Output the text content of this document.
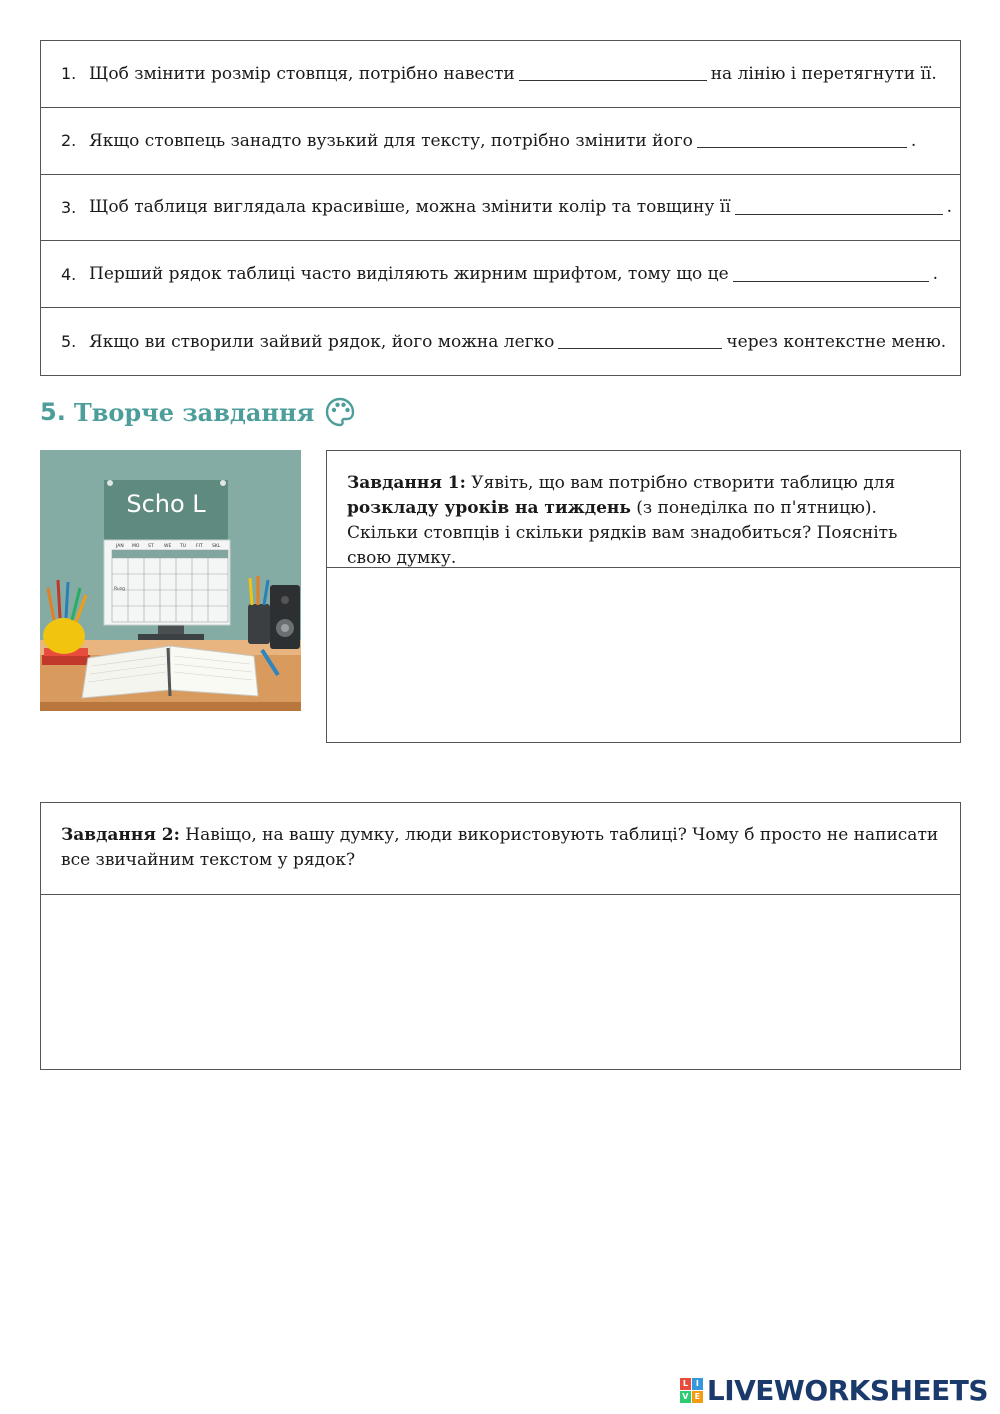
1. Щоб змінити розмір стовпця, потрібно навести	на лінію і перетягнути її.
2. Якщо стовпець занадто вузький для тексту, потрібно змінити його	.
3. Щоб таблиця виглядала красивіше, можна змінити колір та товщину її	.
4. Перший рядок таблиці часто виділяють жирним шрифтом, тому що це	.
5. Якщо ви створили зайвий рядок, його можна легко	через контекстне меню.
5. Творче завдання
Scho L
JAN MO ST WE TU FIT SKL
Ruzg
Завдання 1: Уявіть, що вам потрібно створити таблицю для розкладу уроків на тиждень (з понеділка по п'ятницю). Скільки стовпців і скільки рядків вам знадобиться? Поясніть свою думку.
Завдання 2: Навіщо, на вашу думку, люди використовують таблиці? Чому б просто не написати все звичайним текстом у рядок?
L I
V E LIVEWORKSHEETS
